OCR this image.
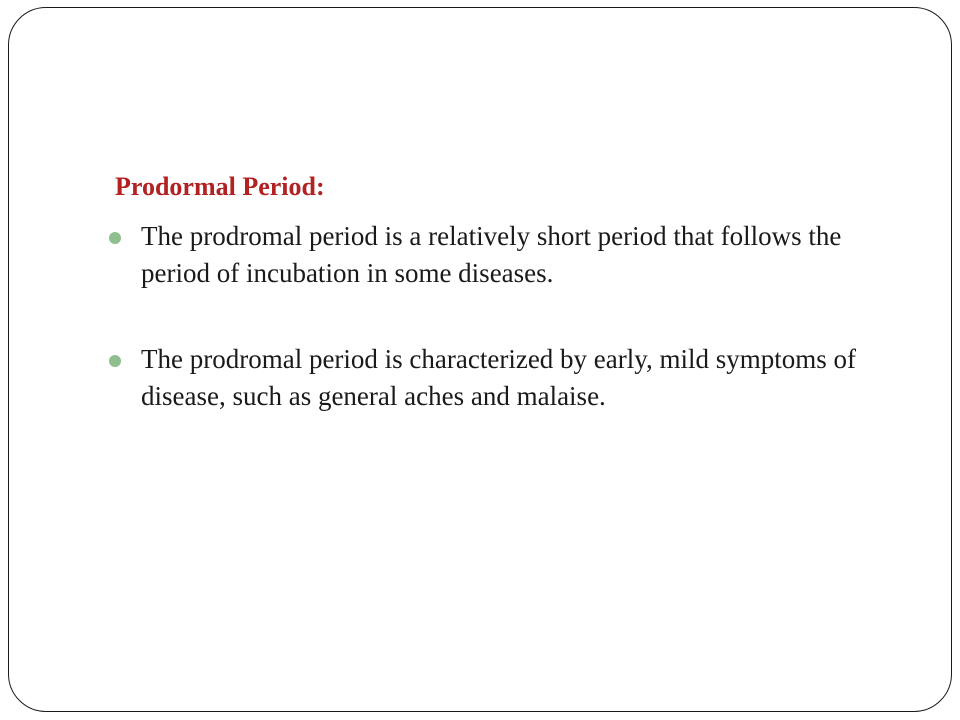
Prodormal Period:
The prodromal period is a relatively short period that follows the period of incubation in some diseases.
The prodromal period is characterized by early, mild symptoms of disease, such as general aches and malaise.
